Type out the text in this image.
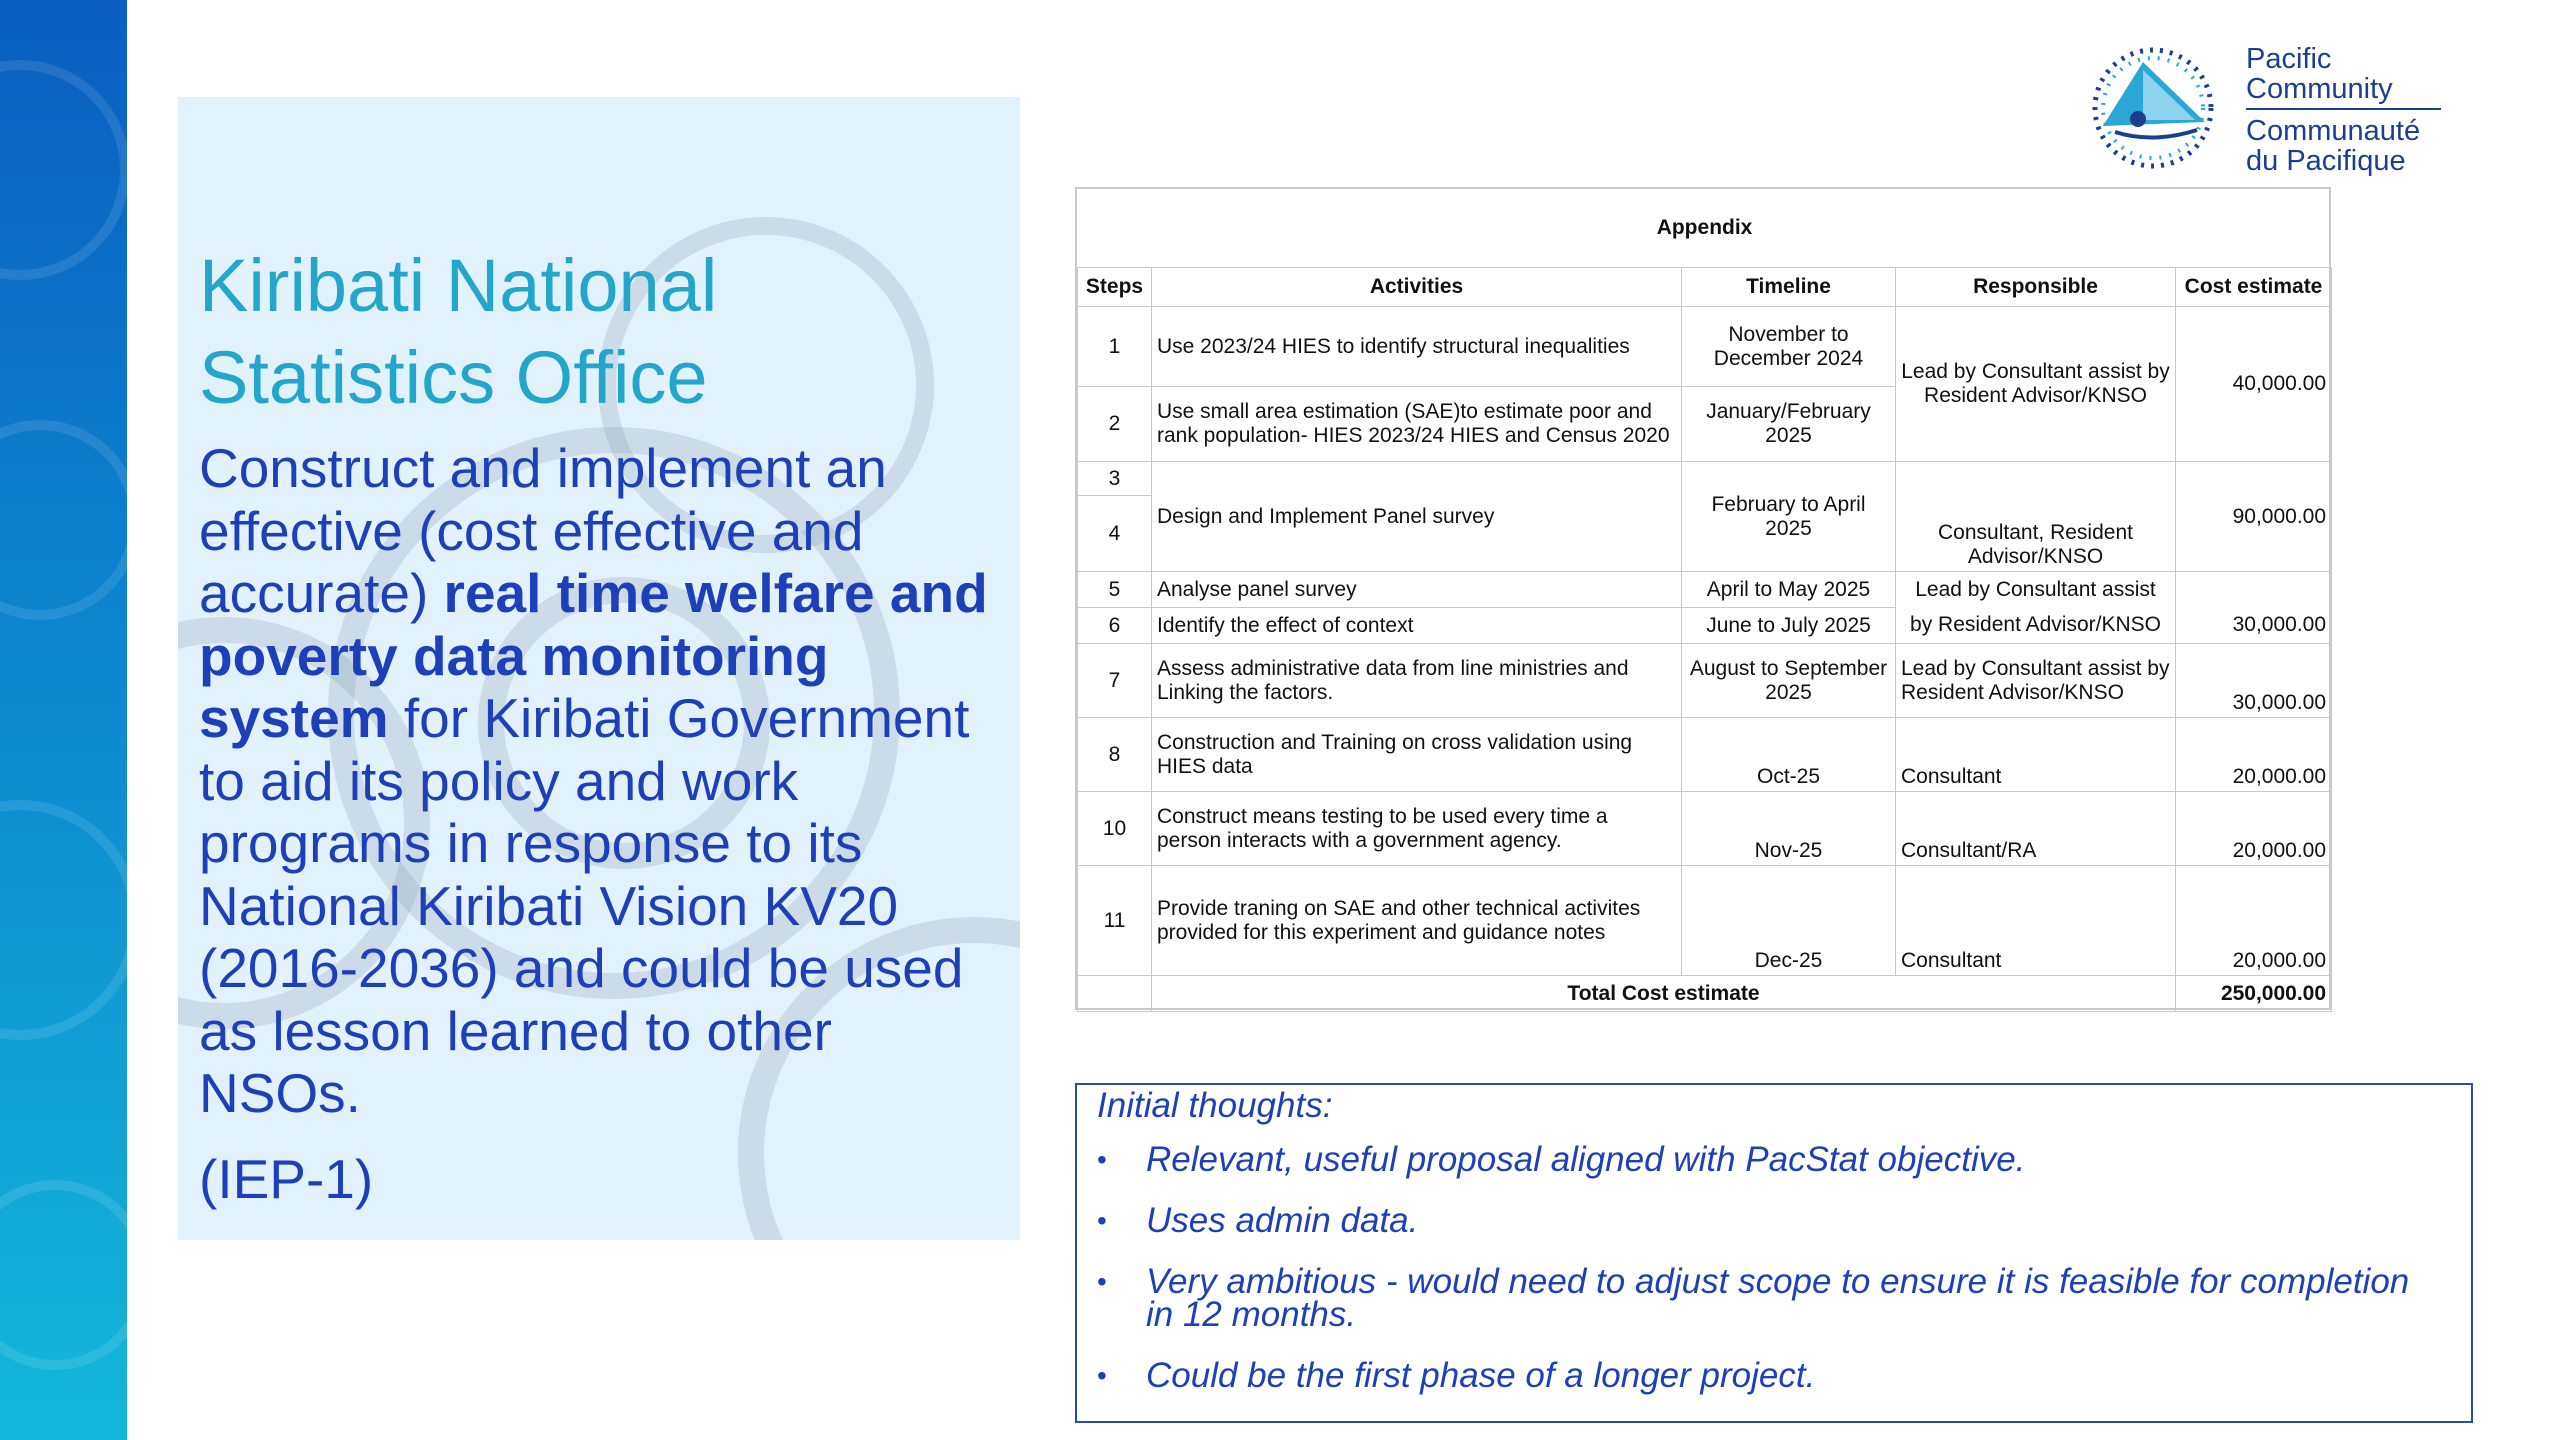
Kiribati National Statistics Office

Construct and implement an effective (cost effective and accurate) real time welfare and poverty data monitoring system for Kiribati Government to aid its policy and work programs in response to its National Kiribati Vision KV20 (2016-2036) and could be used as lesson learned to other NSOs.

(IEP-1)

Pacific
Community
Communauté
du Pacifique
Appendix				
Steps	Activities	Timeline	Responsible	Cost estimate
1	Use 2023/24 HIES to identify structural inequalities	November to December 2024	Lead by Consultant assist by Resident Advisor/KNSO	40,000.00
2	Use small area estimation (SAE)to estimate poor and rank population- HIES 2023/24 HIES and Census 2020	January/February 2025		
3	Design and Implement Panel survey	February to April 2025	Consultant, Resident Advisor/KNSO	90,000.00
4				
5	Analyse panel survey	April to May 2025	Lead by Consultant assist	
6	Identify the effect of context	June to July 2025	by Resident Advisor/KNSO	30,000.00
7	Assess administrative data from line ministries and Linking the factors.	August to September 2025	Lead by Consultant assist by Resident Advisor/KNSO	30,000.00
8	Construction and Training on cross validation using HIES data	Oct-25	Consultant	20,000.00
10	Construct means testing to be used every time a person interacts with a government agency.	Nov-25	Consultant/RA	20,000.00
11	Provide traning on SAE and other technical activites provided for this experiment and guidance notes	Dec-25	Consultant	20,000.00
	Total Cost estimate			250,000.00

Initial thoughts:

• Relevant, useful proposal aligned with PacStat objective.
• Uses admin data.
• Very ambitious - would need to adjust scope to ensure it is feasible for completion in 12 months.
• Could be the first phase of a longer project.
